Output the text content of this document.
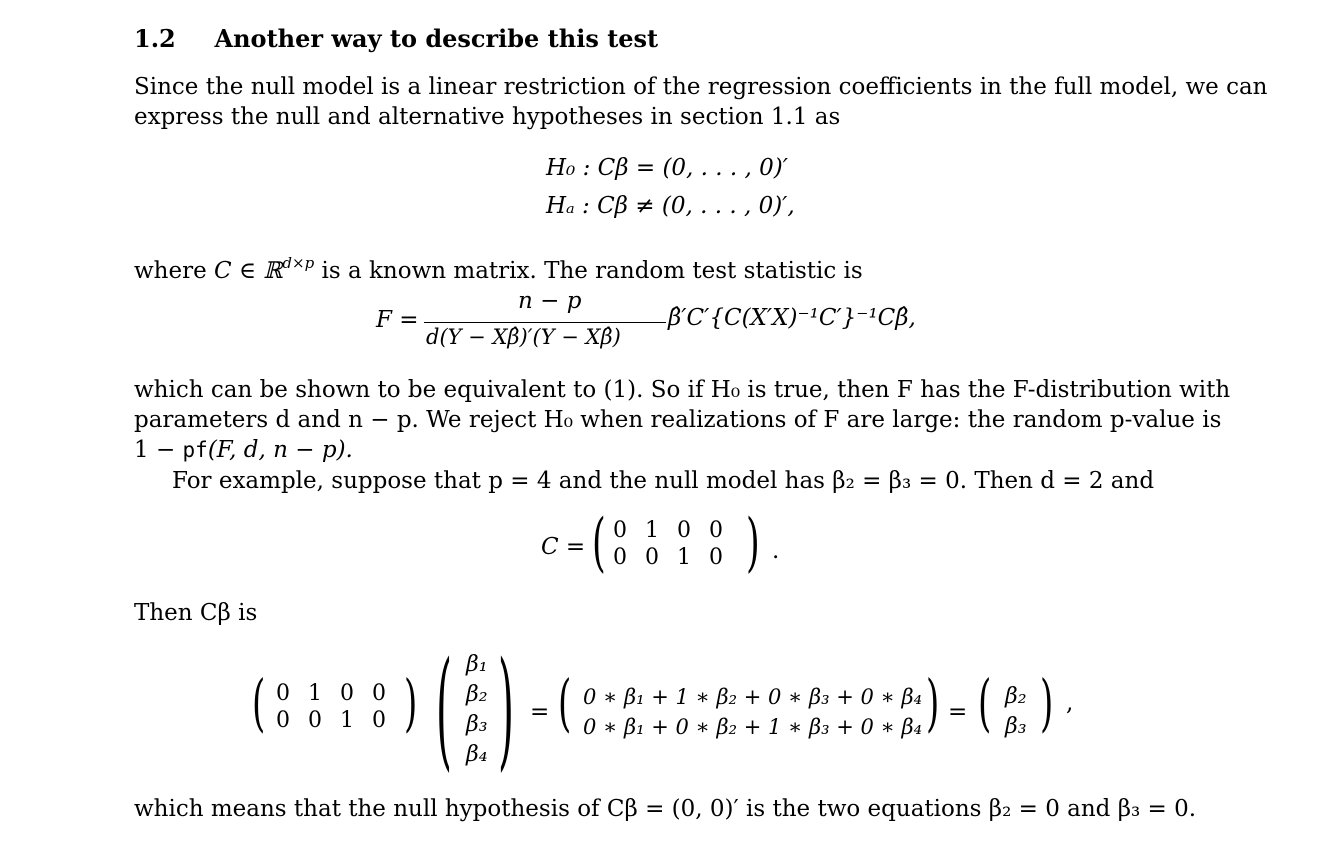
1.2 Another way to describe this test
Since the null model is a linear restriction of the regression coefficients in the full model, we can
express the null and alternative hypotheses in section 1.1 as
H₀ : Cβ = (0, . . . , 0)′
Hₐ : Cβ ≠ (0, . . . , 0)′,
where C ∈ ℝ$^{d\times p}$ is a known matrix. The random test statistic is
F =
n − p
d(Y − Xβ̂)′(Y − Xβ̂)
β̂′C′{C(X′X)⁻¹C′}⁻¹Cβ̂,
which can be shown to be equivalent to (1). So if H₀ is true, then F has the F-distribution with
parameters d and n − p. We reject H₀ when realizations of F are large: the random p-value is
1 − pf(F, d, n − p).
For example, suppose that p = 4 and the null model has β₂ = β₃ = 0. Then d = 2 and
C = ( 0	1	0	0
0	0	1	0 ) .
Then Cβ is
( 0	1	0	0
0	0	1	0 ) ( β₁
β₂
β₃
β₄ ) = ( 0 ∗ β₁ + 1 ∗ β₂ + 0 ∗ β₃ + 0 ∗ β₄
0 ∗ β₁ + 0 ∗ β₂ + 1 ∗ β₃ + 0 ∗ β₄ ) = ( β₂
β₃ ) ,
which means that the null hypothesis of Cβ = (0, 0)′ is the two equations β₂ = 0 and β₃ = 0.
